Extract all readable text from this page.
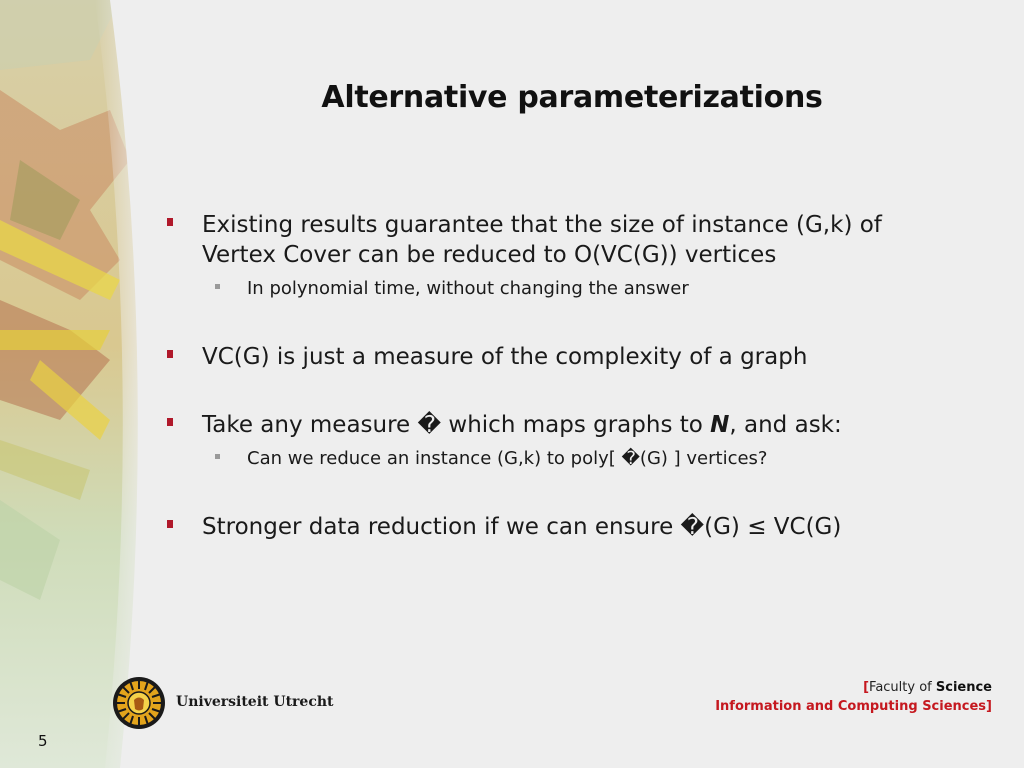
Alternative parameterizations
Existing results guarantee that the size of instance (G,k) of Vertex Cover can be reduced to O(VC(G)) vertices
In polynomial time, without changing the answer
VC(G) is just a measure of the complexity of a graph
Take any measure � which maps graphs to N, and ask:
Can we reduce an instance (G,k) to poly[ �(G) ] vertices?
Stronger data reduction if we can ensure �(G) ≤ VC(G)
Universiteit Utrecht
[Faculty of Science
Information and Computing Sciences]
5
